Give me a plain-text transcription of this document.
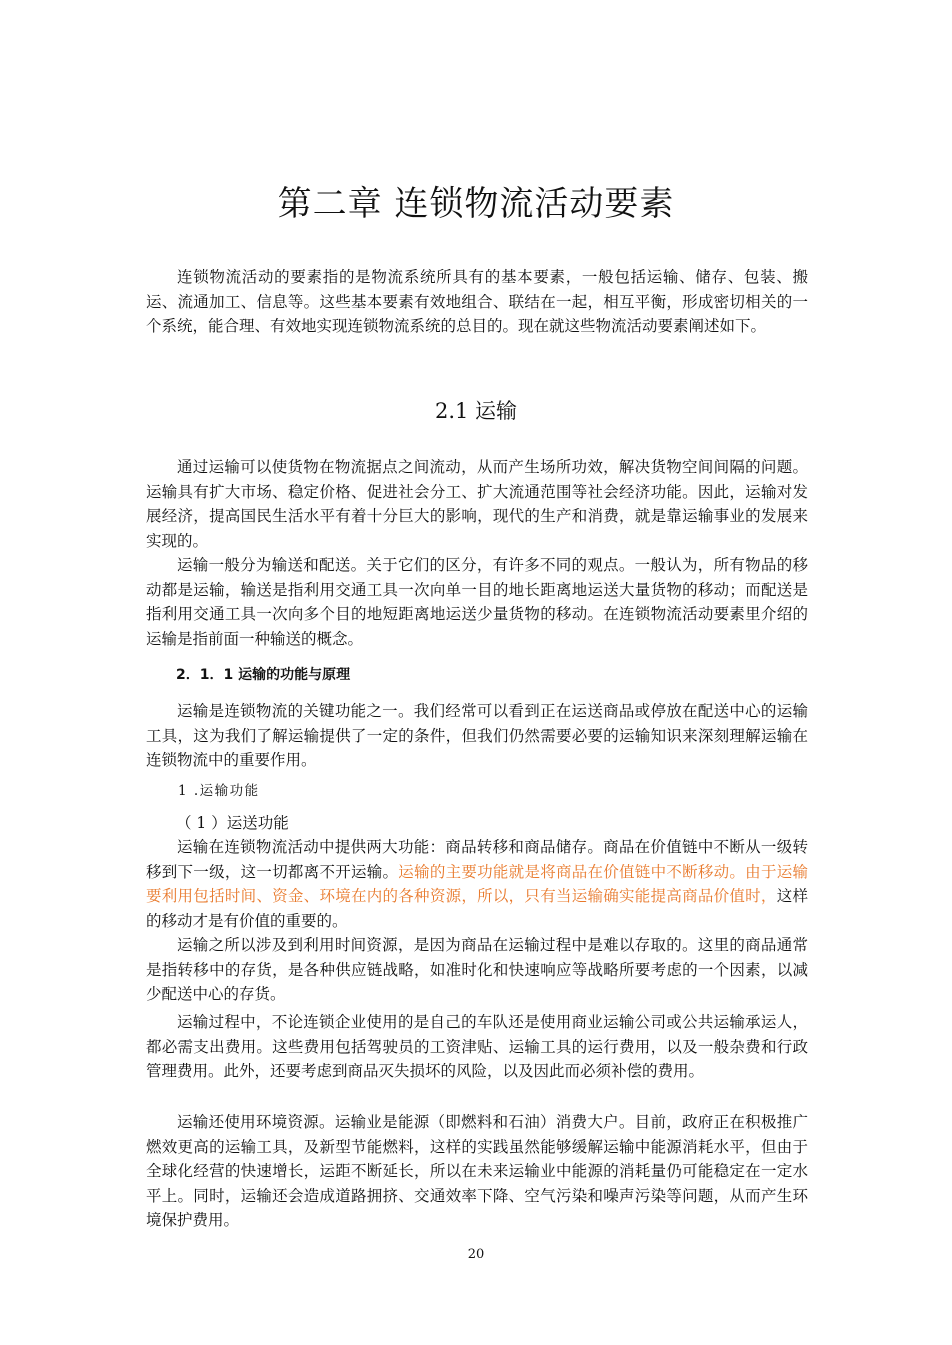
第二章 连锁物流活动要素

连锁物流活动的要素指的是物流系统所具有的基本要素，一般包括运输、储存、包装、搬运、流通加工、信息等。这些基本要素有效地组合、联结在一起，相互平衡，形成密切相关的一个系统，能合理、有效地实现连锁物流系统的总目的。现在就这些物流活动要素阐述如下。

2.1 运输

通过运输可以使货物在物流据点之间流动，从而产生场所功效，解决货物空间间隔的问题。运输具有扩大市场、稳定价格、促进社会分工、扩大流通范围等社会经济功能。因此，运输对发展经济，提高国民生活水平有着十分巨大的影响，现代的生产和消费，就是靠运输事业的发展来实现的。

运输一般分为输送和配送。关于它们的区分，有许多不同的观点。一般认为，所有物品的移动都是运输，输送是指利用交通工具一次向单一目的地长距离地运送大量货物的移动；而配送是指利用交通工具一次向多个目的地短距离地运送少量货物的移动。在连锁物流活动要素里介绍的运输是指前面一种输送的概念。

2．1．1 运输的功能与原理

运输是连锁物流的关键功能之一。我们经常可以看到正在运送商品或停放在配送中心的运输工具，这为我们了解运输提供了一定的条件，但我们仍然需要必要的运输知识来深刻理解运输在连锁物流中的重要作用。

1 .运输功能
（ 1 ）运送功能

运输在连锁物流活动中提供两大功能：商品转移和商品储存。商品在价值链中不断从一级转移到下一级，这一切都离不开运输。运输的主要功能就是将商品在价值链中不断移动。由于运输要利用包括时间、资金、环境在内的各种资源，所以，只有当运输确实能提高商品价值时，这样的移动才是有价值的重要的。

运输之所以涉及到利用时间资源，是因为商品在运输过程中是难以存取的。这里的商品通常是指转移中的存货，是各种供应链战略，如准时化和快速响应等战略所要考虑的一个因素，以减少配送中心的存货。

运输过程中，不论连锁企业使用的是自己的车队还是使用商业运输公司或公共运输承运人，都必需支出费用。这些费用包括驾驶员的工资津贴、运输工具的运行费用，以及一般杂费和行政管理费用。此外，还要考虑到商品灭失损坏的风险，以及因此而必须补偿的费用。

运输还使用环境资源。运输业是能源（即燃料和石油）消费大户。目前，政府正在积极推广燃效更高的运输工具，及新型节能燃料，这样的实践虽然能够缓解运输中能源消耗水平，但由于全球化经营的快速增长，运距不断延长，所以在未来运输业中能源的消耗量仍可能稳定在一定水平上。同时，运输还会造成道路拥挤、交通效率下降、空气污染和噪声污染等问题，从而产生环境保护费用。

20
